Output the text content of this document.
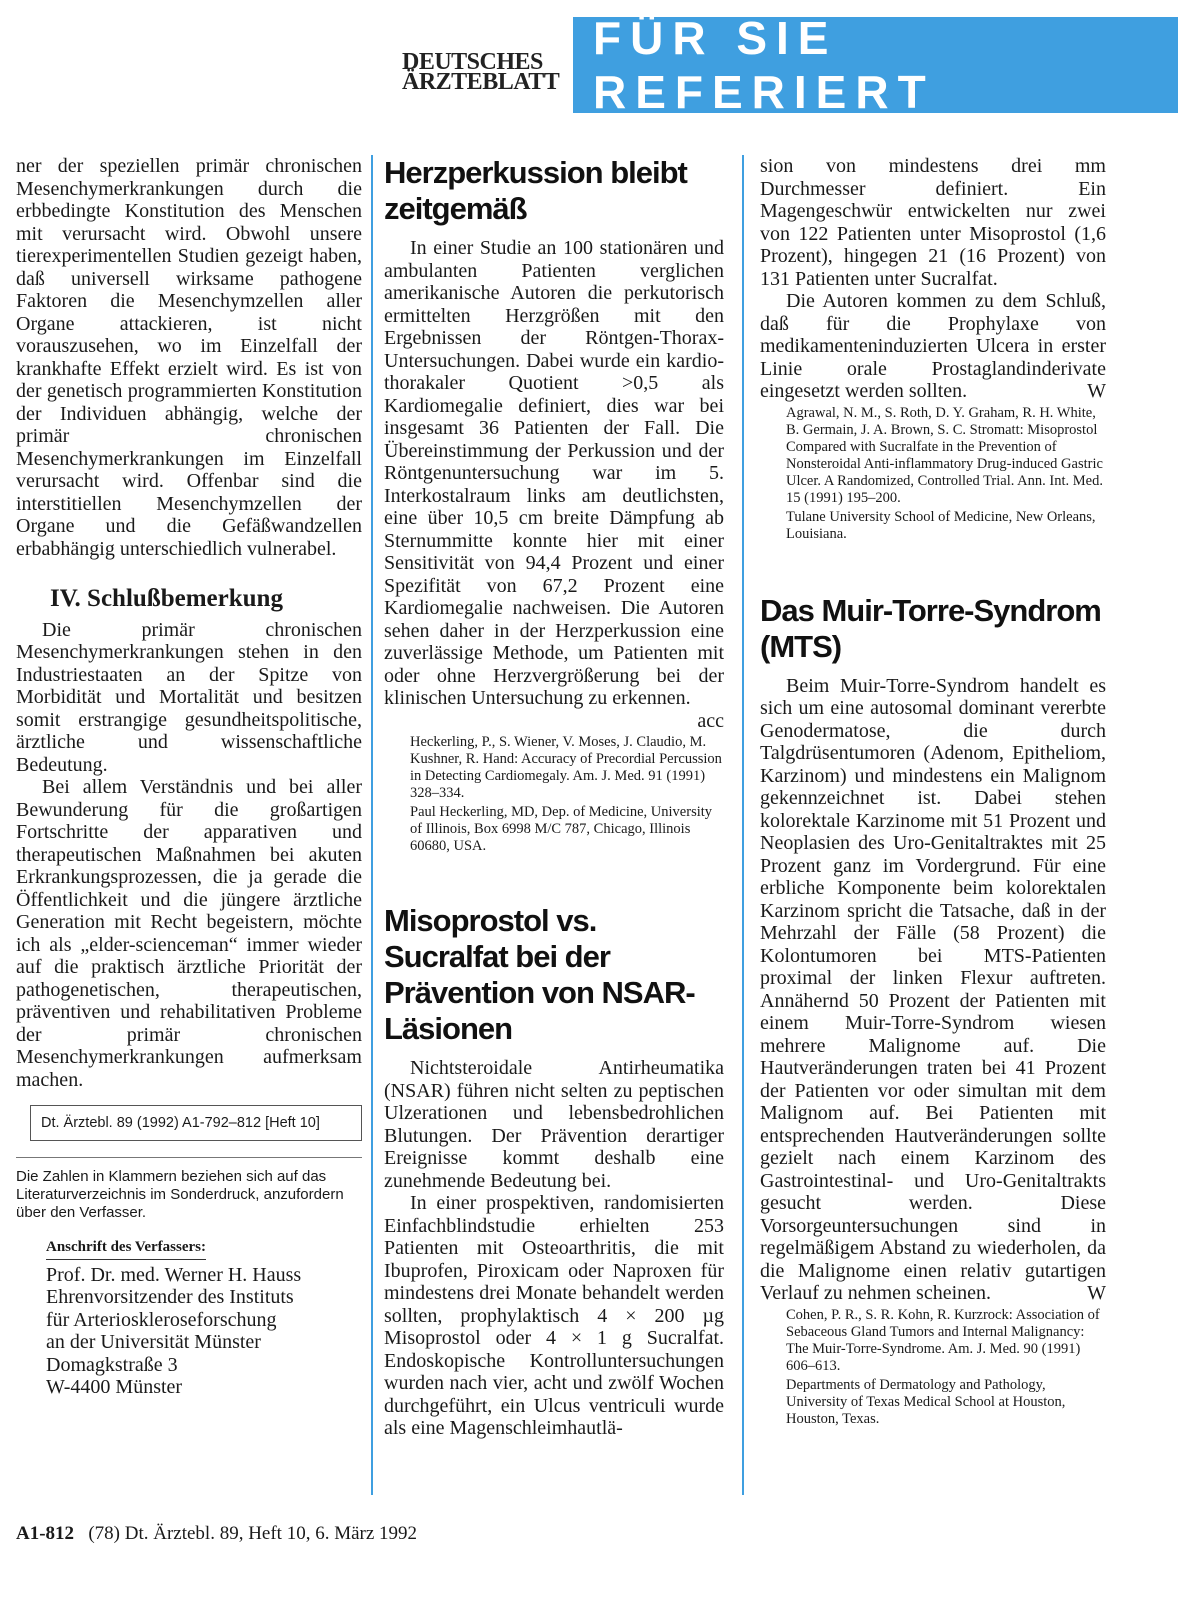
DEUTSCHES
ÄRZTEBLATT
FÜR SIE REFERIERT

ner der speziellen primär chronischen Mesenchymerkrankungen durch die erbbedingte Konstitution des Menschen mit verursacht wird. Obwohl unsere tierexperimentellen Studien gezeigt haben, daß universell wirksame pathogene Faktoren die Mesenchymzellen aller Organe attackieren, ist nicht vorauszusehen, wo im Einzelfall der krankhafte Effekt erzielt wird. Es ist von der genetisch programmierten Konstitution der Individuen abhängig, welche der primär chronischen Mesenchymerkrankungen im Einzelfall verursacht wird. Offenbar sind die interstitiellen Mesenchymzellen der Organe und die Gefäßwandzellen erbabhängig unterschiedlich vulnerabel.

IV. Schlußbemerkung

Die primär chronischen Mesenchymerkrankungen stehen in den Industriestaaten an der Spitze von Morbidität und Mortalität und besitzen somit erstrangige gesundheitspolitische, ärztliche und wissenschaftliche Bedeutung.

Bei allem Verständnis und bei aller Bewunderung für die großartigen Fortschritte der apparativen und therapeutischen Maßnahmen bei akuten Erkrankungsprozessen, die ja gerade die Öffentlichkeit und die jüngere ärztliche Generation mit Recht begeistern, möchte ich als „elder-scienceman“ immer wieder auf die praktisch ärztliche Priorität der pathogenetischen, therapeutischen, präventiven und rehabilitativen Probleme der primär chronischen Mesenchymerkrankungen aufmerksam machen.

Dt. Ärztebl. 89 (1992) A1-792–812 [Heft 10]
Die Zahlen in Klammern beziehen sich auf das Literaturverzeichnis im Sonderdruck, anzufordern über den Verfasser.
Anschrift des Verfassers:
Prof. Dr. med. Werner H. Hauss
Ehrenvorsitzender des Instituts
für Arterioskleroseforschung
an der Universität Münster
Domagkstraße 3
W-4400 Münster
Herzperkussion bleibt zeitgemäß

In einer Studie an 100 stationären und ambulanten Patienten verglichen amerikanische Autoren die perkutorisch ermittelten Herzgrößen mit den Ergebnissen der Röntgen-Thorax-Untersuchungen. Dabei wurde ein kardio-thorakaler Quotient >0,5 als Kardiomegalie definiert, dies war bei insgesamt 36 Patienten der Fall. Die Übereinstimmung der Perkussion und der Röntgenuntersuchung war im 5. Interkostalraum links am deutlichsten, eine über 10,5 cm breite Dämpfung ab Sternummitte konnte hier mit einer Sensitivität von 94,4 Prozent und einer Spezifität von 67,2 Prozent eine Kardiomegalie nachweisen. Die Autoren sehen daher in der Herzperkussion eine zuverlässige Methode, um Patienten mit oder ohne Herzvergrößerung bei der klinischen Untersuchung zu erkennen.
acc

Heckerling, P., S. Wiener, V. Moses, J. Claudio, M. Kushner, R. Hand: Accuracy of Precordial Percussion in Detecting Cardiomegaly. Am. J. Med. 91 (1991) 328–334.
Paul Heckerling, MD, Dep. of Medicine, University of Illinois, Box 6998 M/C 787, Chicago, Illinois 60680, USA.
Misoprostol vs. Sucralfat bei der Prävention von NSAR-Läsionen

Nichtsteroidale Antirheumatika (NSAR) führen nicht selten zu peptischen Ulzerationen und lebensbedrohlichen Blutungen. Der Prävention derartiger Ereignisse kommt deshalb eine zunehmende Bedeutung bei.

In einer prospektiven, randomisierten Einfachblindstudie erhielten 253 Patienten mit Osteoarthritis, die mit Ibuprofen, Piroxicam oder Naproxen für mindestens drei Monate behandelt werden sollten, prophylaktisch 4 × 200 µg Misoprostol oder 4 × 1 g Sucralfat. Endoskopische Kontrolluntersuchungen wurden nach vier, acht und zwölf Wochen durchgeführt, ein Ulcus ventriculi wurde als eine Magenschleimhautlä-

sion von mindestens drei mm Durchmesser definiert. Ein Magengeschwür entwickelten nur zwei von 122 Patienten unter Misoprostol (1,6 Prozent), hingegen 21 (16 Prozent) von 131 Patienten unter Sucralfat.

Die Autoren kommen zu dem Schluß, daß für die Prophylaxe von medikamenteninduzierten Ulcera in erster Linie orale Prostaglandinderivate eingesetzt werden sollten.	W

Agrawal, N. M., S. Roth, D. Y. Graham, R. H. White, B. Germain, J. A. Brown, S. C. Stromatt: Misoprostol Compared with Sucralfate in the Prevention of Nonsteroidal Anti-inflammatory Drug-induced Gastric Ulcer. A Randomized, Controlled Trial. Ann. Int. Med. 15 (1991) 195–200.
Tulane University School of Medicine, New Orleans, Louisiana.
Das Muir-Torre-Syndrom (MTS)

Beim Muir-Torre-Syndrom handelt es sich um eine autosomal dominant vererbte Genodermatose, die durch Talgdrüsentumoren (Adenom, Epitheliom, Karzinom) und mindestens ein Malignom gekennzeichnet ist. Dabei stehen kolorektale Karzinome mit 51 Prozent und Neoplasien des Uro-Genitaltraktes mit 25 Prozent ganz im Vordergrund. Für eine erbliche Komponente beim kolorektalen Karzinom spricht die Tatsache, daß in der Mehrzahl der Fälle (58 Prozent) die Kolontumoren bei MTS-Patienten proximal der linken Flexur auftreten. Annähernd 50 Prozent der Patienten mit einem Muir-Torre-Syndrom wiesen mehrere Malignome auf. Die Hautveränderungen traten bei 41 Prozent der Patienten vor oder simultan mit dem Malignom auf. Bei Patienten mit entsprechenden Hautveränderungen sollte gezielt nach einem Karzinom des Gastrointestinal- und Uro-Genitaltrakts gesucht werden. Diese Vorsorgeuntersuchungen sind in regelmäßigem Abstand zu wiederholen, da die Malignome einen relativ gutartigen Verlauf zu nehmen scheinen.	W

Cohen, P. R., S. R. Kohn, R. Kurzrock: Association of Sebaceous Gland Tumors and Internal Malignancy: The Muir-Torre-Syndrome. Am. J. Med. 90 (1991) 606–613.
Departments of Dermatology and Pathology, University of Texas Medical School at Houston, Houston, Texas.
A1-812 (78) Dt. Ärztebl. 89, Heft 10, 6. März 1992
